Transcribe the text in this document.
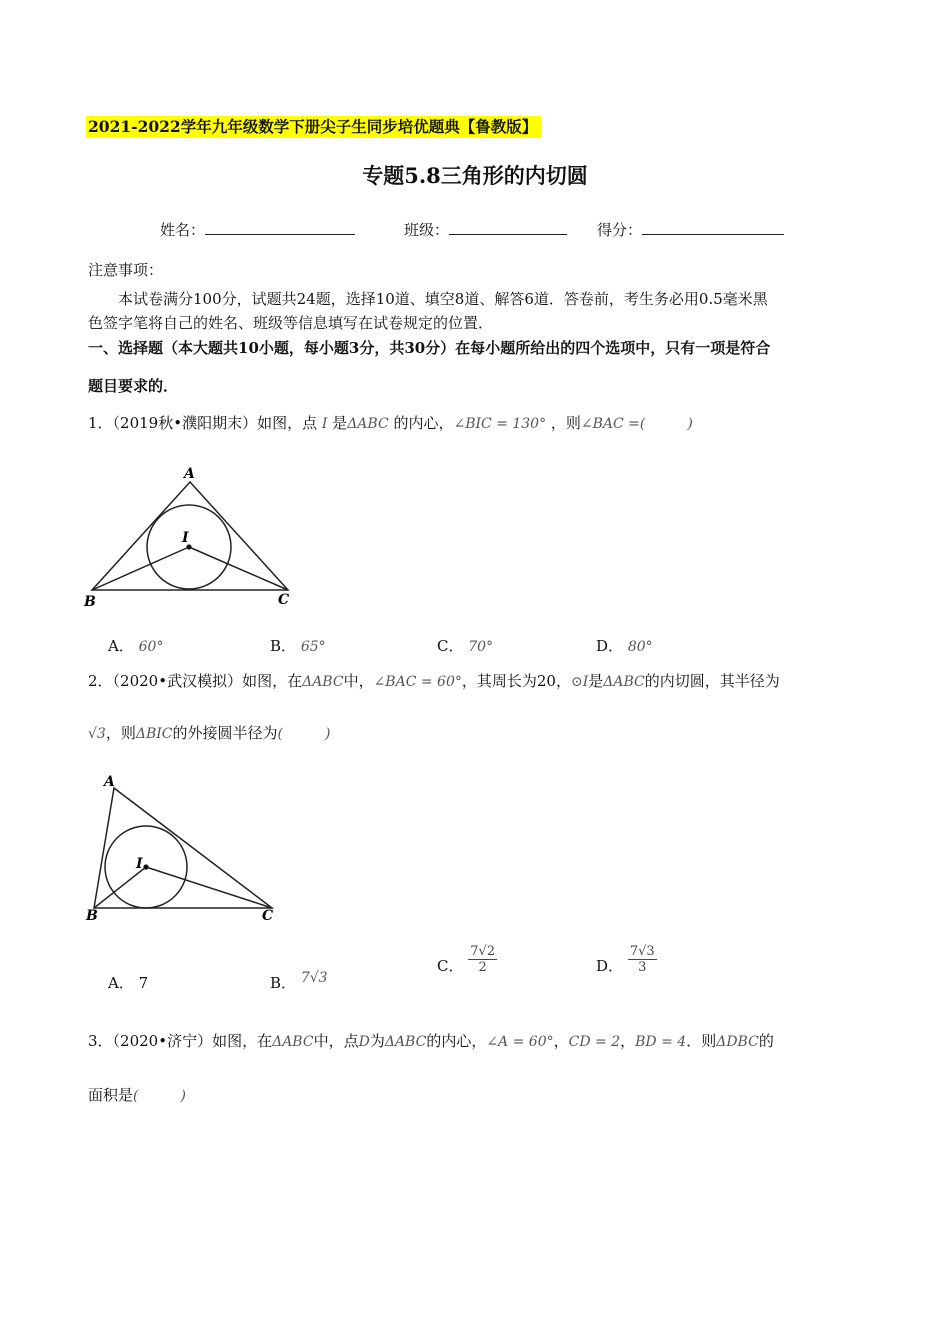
2021-2022学年九年级数学下册尖子生同步培优题典【鲁教版】
专题5.8三角形的内切圆
姓名：	班级：	得分：
注意事项：
本试卷满分100分，试题共24题，选择10道、填空8道、解答6道．答卷前，考生务必用0.5毫米黑
色签字笔将自己的姓名、班级等信息填写在试卷规定的位置．
一、选择题（本大题共10小题，每小题3分，共30分）在每小题所给出的四个选项中，只有一项是符合
题目要求的．
1．（2019秋•濮阳期末）如图，点 I 是ΔABC 的内心，∠BIC = 130° ，则∠BAC =(　　　)
A
B	C
I
A． 60°	B． 65°	C． 70°	D． 80°
2．（2020•武汉模拟）如图，在ΔABC中，∠BAC = 60°，其周长为20，⊙I是ΔABC的内切圆，其半径为
√3，则ΔBIC的外接圆半径为(　　　)
A
B	C
I
A． 7	B． 7√3
C． $\frac{7√2}{2}$	D． $\frac{7√3}{3}$
3．（2020•济宁）如图，在ΔABC中，点D为ΔABC的内心，∠A = 60°，CD = 2，BD = 4．则ΔDBC的
面积是(　　　)
